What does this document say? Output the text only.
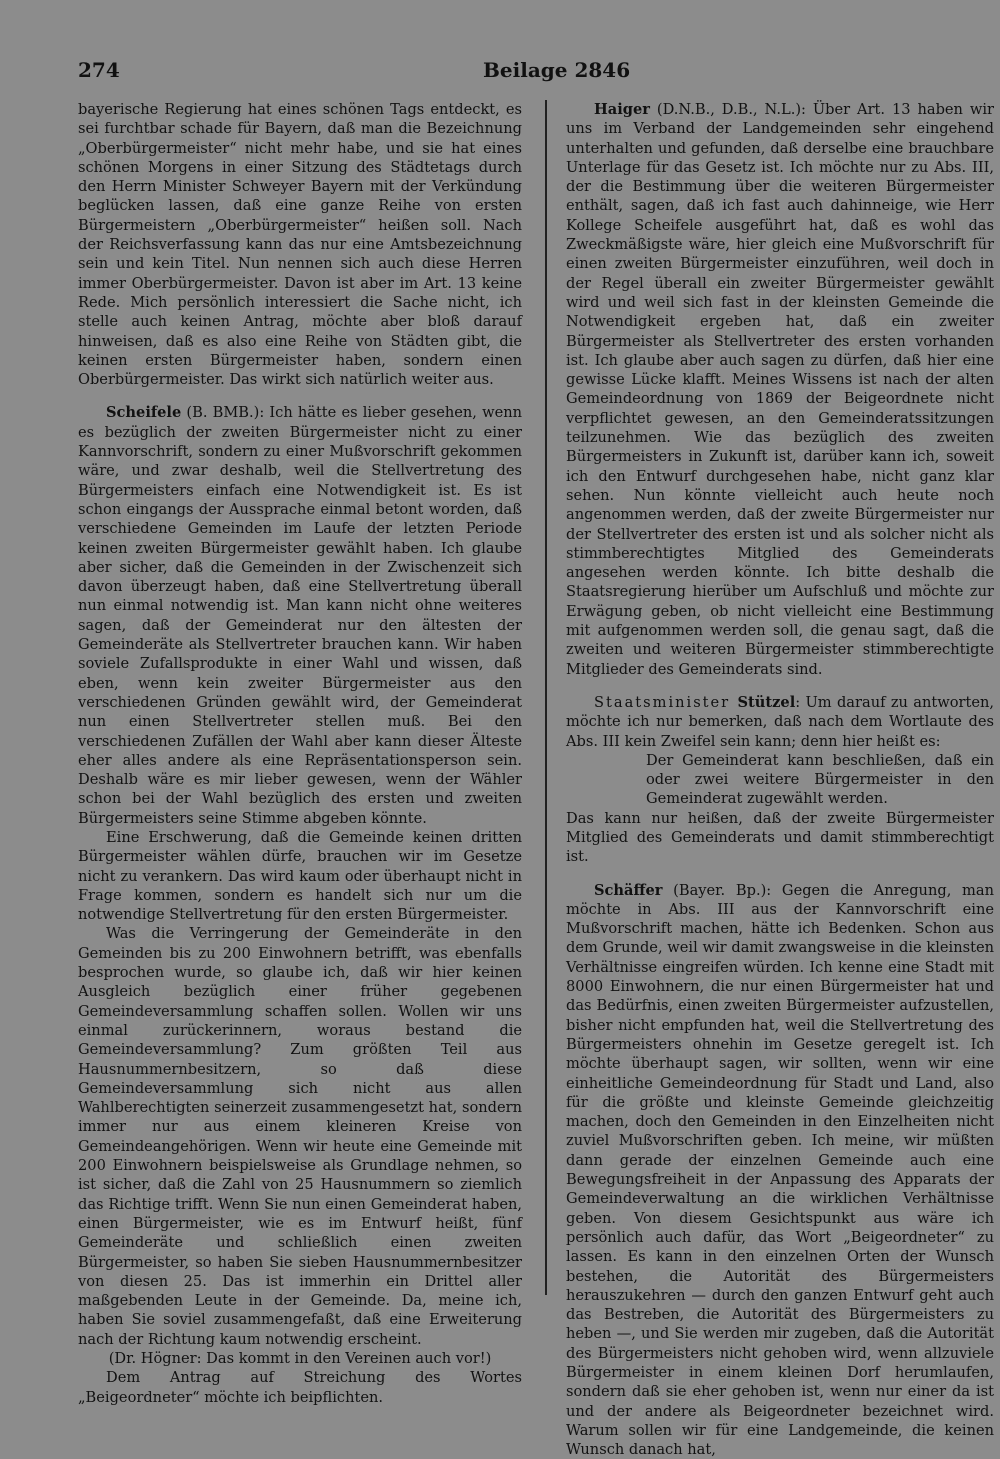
274	Beilage 2846

bayerische Regierung hat eines schönen Tags entdeckt, es sei furchtbar schade für Bayern, daß man die Bezeichnung „Oberbürgermeister“ nicht mehr habe, und sie hat eines schönen Morgens in einer Sitzung des Städtetags durch den Herrn Minister Schweyer Bayern mit der Verkündung beglücken lassen, daß eine ganze Reihe von ersten Bürgermeistern „Oberbürgermeister“ heißen soll. Nach der Reichsverfassung kann das nur eine Amtsbezeichnung sein und kein Titel. Nun nennen sich auch diese Herren immer Oberbürgermeister. Davon ist aber im Art. 13 keine Rede. Mich persönlich interessiert die Sache nicht, ich stelle auch keinen Antrag, möchte aber bloß darauf hinweisen, daß es also eine Reihe von Städten gibt, die keinen ersten Bürgermeister haben, sondern einen Oberbürgermeister. Das wirkt sich natürlich weiter aus.

Scheifele (B. BMB.): Ich hätte es lieber gesehen, wenn es bezüglich der zweiten Bürgermeister nicht zu einer Kannvorschrift, sondern zu einer Mußvorschrift gekommen wäre, und zwar deshalb, weil die Stellvertretung des Bürgermeisters einfach eine Notwendigkeit ist. Es ist schon eingangs der Aussprache einmal betont worden, daß verschiedene Gemeinden im Laufe der letzten Periode keinen zweiten Bürgermeister gewählt haben. Ich glaube aber sicher, daß die Gemeinden in der Zwischenzeit sich davon überzeugt haben, daß eine Stellvertretung überall nun einmal notwendig ist. Man kann nicht ohne weiteres sagen, daß der Gemeinderat nur den ältesten der Gemeinderäte als Stellvertreter brauchen kann. Wir haben soviele Zufallsprodukte in einer Wahl und wissen, daß eben, wenn kein zweiter Bürgermeister aus den verschiedenen Gründen gewählt wird, der Gemeinderat nun einen Stellvertreter stellen muß. Bei den verschiedenen Zufällen der Wahl aber kann dieser Älteste eher alles andere als eine Repräsentationsperson sein. Deshalb wäre es mir lieber gewesen, wenn der Wähler schon bei der Wahl bezüglich des ersten und zweiten Bürgermeisters seine Stimme abgeben könnte.

Eine Erschwerung, daß die Gemeinde keinen dritten Bürgermeister wählen dürfe, brauchen wir im Gesetze nicht zu verankern. Das wird kaum oder überhaupt nicht in Frage kommen, sondern es handelt sich nur um die notwendige Stellvertretung für den ersten Bürgermeister.

Was die Verringerung der Gemeinderäte in den Gemeinden bis zu 200 Einwohnern betrifft, was ebenfalls besprochen wurde, so glaube ich, daß wir hier keinen Ausgleich bezüglich einer früher gegebenen Gemeindeversammlung schaffen sollen. Wollen wir uns einmal zurückerinnern, woraus bestand die Gemeindeversammlung? Zum größten Teil aus Hausnummernbesitzern, so daß diese Gemeindeversammlung sich nicht aus allen Wahlberechtigten seinerzeit zusammengesetzt hat, sondern immer nur aus einem kleineren Kreise von Gemeindeangehörigen. Wenn wir heute eine Gemeinde mit 200 Einwohnern beispielsweise als Grundlage nehmen, so ist sicher, daß die Zahl von 25 Hausnummern so ziemlich das Richtige trifft. Wenn Sie nun einen Gemeinderat haben, einen Bürgermeister, wie es im Entwurf heißt, fünf Gemeinderäte und schließlich einen zweiten Bürgermeister, so haben Sie sieben Hausnummernbesitzer von diesen 25. Das ist immerhin ein Drittel aller maßgebenden Leute in der Gemeinde. Da, meine ich, haben Sie soviel zusammengefaßt, daß eine Erweiterung nach der Richtung kaum notwendig erscheint.

(Dr. Högner: Das kommt in den Vereinen auch vor!)

Dem Antrag auf Streichung des Wortes „Beigeordneter“ möchte ich beipflichten.

Haiger (D.N.B., D.B., N.L.): Über Art. 13 haben wir uns im Verband der Landgemeinden sehr eingehend unterhalten und gefunden, daß derselbe eine brauchbare Unterlage für das Gesetz ist. Ich möchte nur zu Abs. III, der die Bestimmung über die weiteren Bürgermeister enthält, sagen, daß ich fast auch dahinneige, wie Herr Kollege Scheifele ausgeführt hat, daß es wohl das Zweckmäßigste wäre, hier gleich eine Mußvorschrift für einen zweiten Bürgermeister einzuführen, weil doch in der Regel überall ein zweiter Bürgermeister gewählt wird und weil sich fast in der kleinsten Gemeinde die Notwendigkeit ergeben hat, daß ein zweiter Bürgermeister als Stellvertreter des ersten vorhanden ist. Ich glaube aber auch sagen zu dürfen, daß hier eine gewisse Lücke klafft. Meines Wissens ist nach der alten Gemeindeordnung von 1869 der Beigeordnete nicht verpflichtet gewesen, an den Gemeinderatssitzungen teilzunehmen. Wie das bezüglich des zweiten Bürgermeisters in Zukunft ist, darüber kann ich, soweit ich den Entwurf durchgesehen habe, nicht ganz klar sehen. Nun könnte vielleicht auch heute noch angenommen werden, daß der zweite Bürgermeister nur der Stellvertreter des ersten ist und als solcher nicht als stimmberechtigtes Mitglied des Gemeinderats angesehen werden könnte. Ich bitte deshalb die Staatsregierung hierüber um Aufschluß und möchte zur Erwägung geben, ob nicht vielleicht eine Bestimmung mit aufgenommen werden soll, die genau sagt, daß die zweiten und weiteren Bürgermeister stimmberechtigte Mitglieder des Gemeinderats sind.

Staatsminister Stützel: Um darauf zu antworten, möchte ich nur bemerken, daß nach dem Wortlaute des Abs. III kein Zweifel sein kann; denn hier heißt es:

Der Gemeinderat kann beschließen, daß ein oder zwei weitere Bürgermeister in den Gemeinderat zugewählt werden.

Das kann nur heißen, daß der zweite Bürgermeister Mitglied des Gemeinderats und damit stimmberechtigt ist.

Schäffer (Bayer. Bp.): Gegen die Anregung, man möchte in Abs. III aus der Kannvorschrift eine Mußvorschrift machen, hätte ich Bedenken. Schon aus dem Grunde, weil wir damit zwangsweise in die kleinsten Verhältnisse eingreifen würden. Ich kenne eine Stadt mit 8000 Einwohnern, die nur einen Bürgermeister hat und das Bedürfnis, einen zweiten Bürgermeister aufzustellen, bisher nicht empfunden hat, weil die Stellvertretung des Bürgermeisters ohnehin im Gesetze geregelt ist. Ich möchte überhaupt sagen, wir sollten, wenn wir eine einheitliche Gemeindeordnung für Stadt und Land, also für die größte und kleinste Gemeinde gleichzeitig machen, doch den Gemeinden in den Einzelheiten nicht zuviel Mußvorschriften geben. Ich meine, wir müßten dann gerade der einzelnen Gemeinde auch eine Bewegungsfreiheit in der Anpassung des Apparats der Gemeindeverwaltung an die wirklichen Verhältnisse geben. Von diesem Gesichtspunkt aus wäre ich persönlich auch dafür, das Wort „Beigeordneter“ zu lassen. Es kann in den einzelnen Orten der Wunsch bestehen, die Autorität des Bürgermeisters herauszukehren — durch den ganzen Entwurf geht auch das Bestreben, die Autorität des Bürgermeisters zu heben —, und Sie werden mir zugeben, daß die Autorität des Bürgermeisters nicht gehoben wird, wenn allzuviele Bürgermeister in einem kleinen Dorf herumlaufen, sondern daß sie eher gehoben ist, wenn nur einer da ist und der andere als Beigeordneter bezeichnet wird. Warum sollen wir für eine Landgemeinde, die keinen Wunsch danach hat,
